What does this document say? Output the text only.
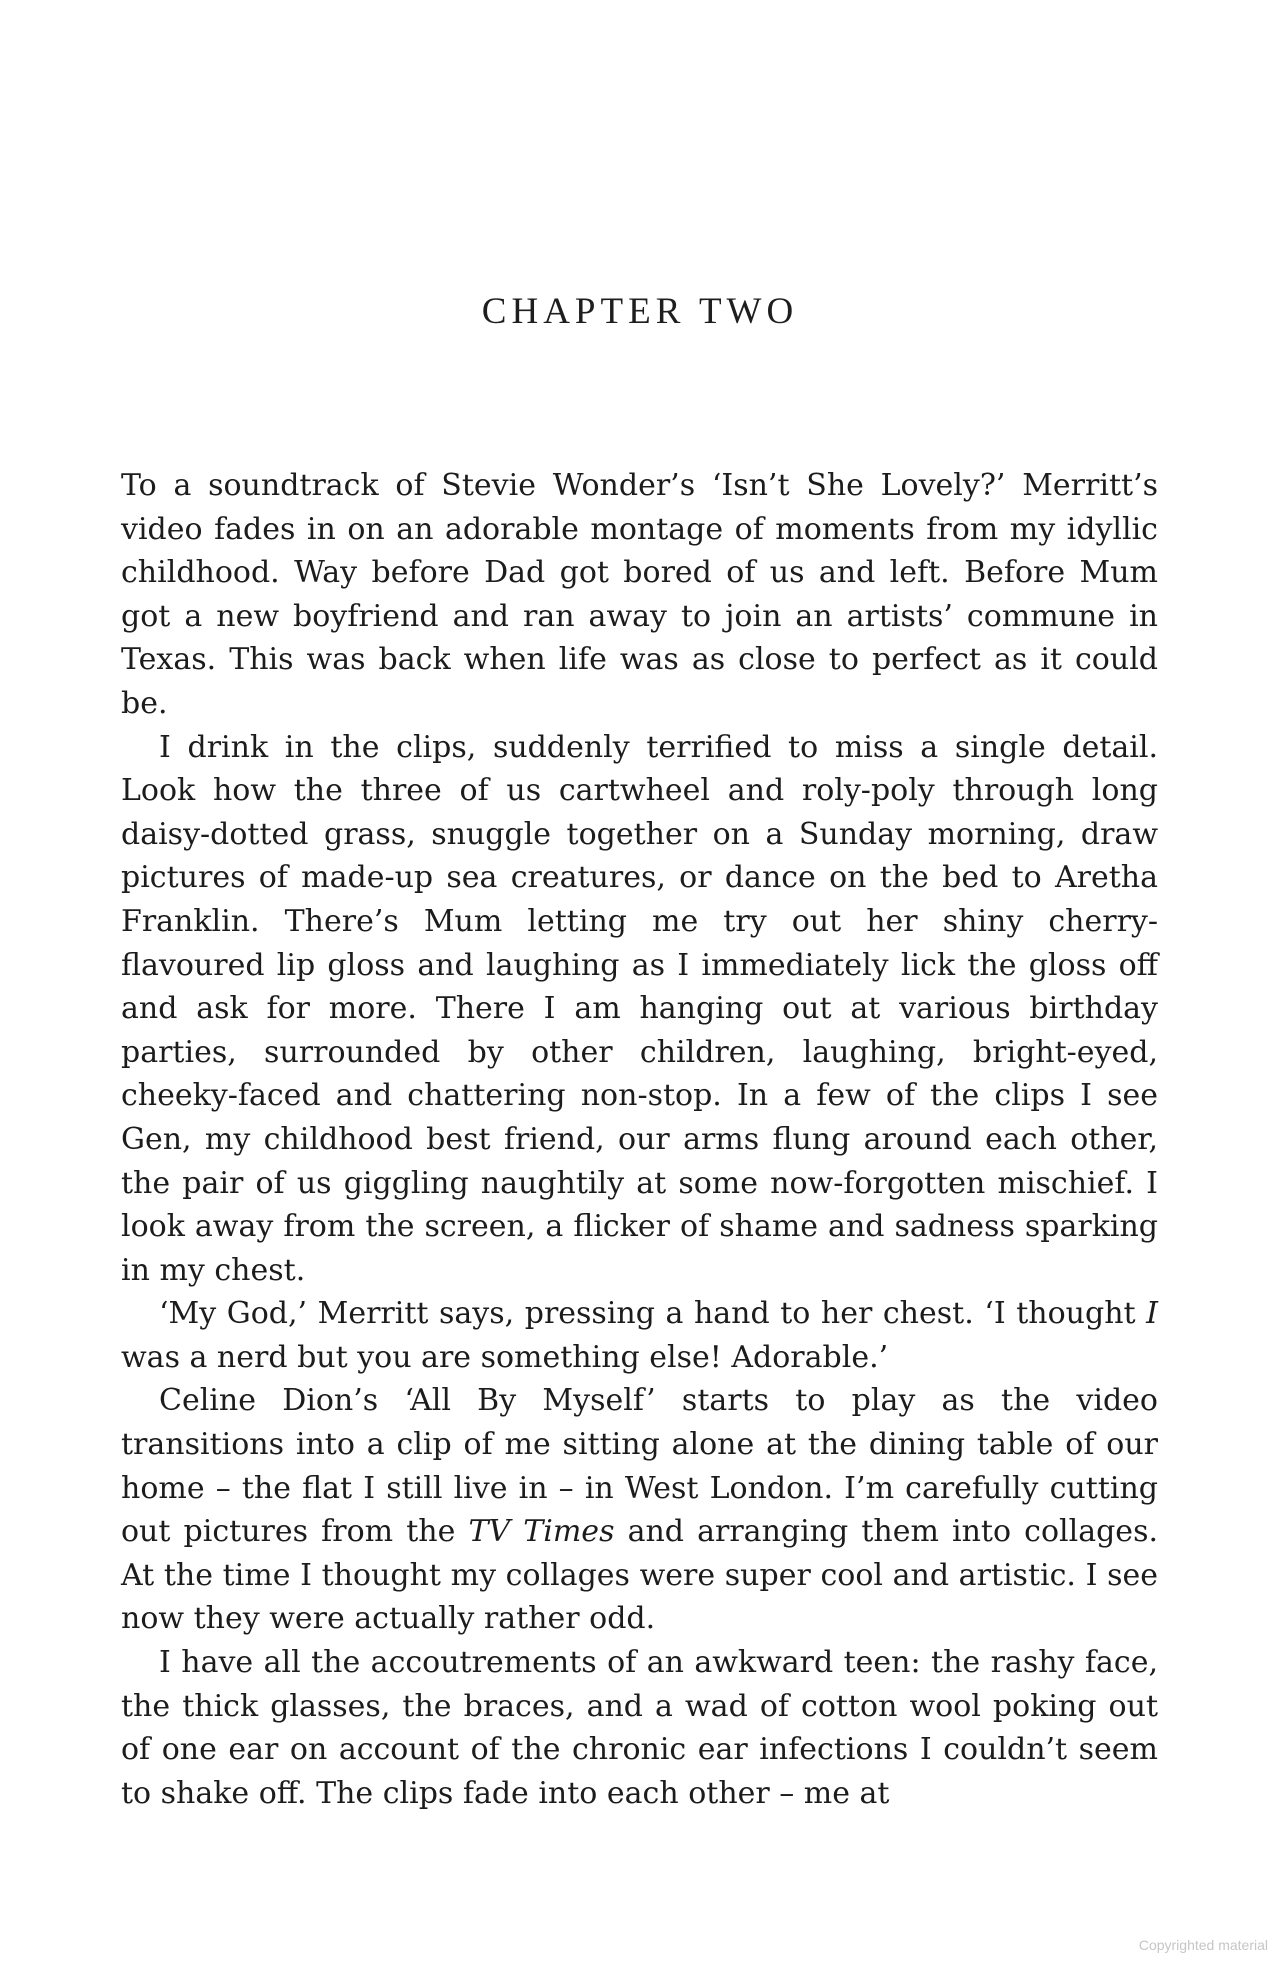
CHAPTER TWO

To a soundtrack of Stevie Wonder’s ‘Isn’t She Lovely?’ Merritt’s video fades in on an adorable montage of moments from my idyllic childhood. Way before Dad got bored of us and left. Before Mum got a new boyfriend and ran away to join an artists’ commune in Texas. This was back when life was as close to perfect as it could be.

I drink in the clips, suddenly terrified to miss a single detail. Look how the three of us cartwheel and roly-poly through long daisy-dotted grass, snuggle together on a Sunday morning, draw pictures of made-up sea creatures, or dance on the bed to Aretha Franklin. There’s Mum letting me try out her shiny cherry-flavoured lip gloss and laughing as I immediately lick the gloss off and ask for more. There I am hanging out at various birthday parties, surrounded by other children, laughing, bright-eyed, cheeky-faced and chattering non-stop. In a few of the clips I see Gen, my childhood best friend, our arms flung around each other, the pair of us giggling naughtily at some now-forgotten mischief. I look away from the screen, a flicker of shame and sadness sparking in my chest.

‘My God,’ Merritt says, pressing a hand to her chest. ‘I thought I was a nerd but you are something else! Adorable.’

Celine Dion’s ‘All By Myself’ starts to play as the video transitions into a clip of me sitting alone at the dining table of our home – the flat I still live in – in West London. I’m carefully cutting out pictures from the TV Times and arranging them into collages. At the time I thought my collages were super cool and artistic. I see now they were actually rather odd.

I have all the accoutrements of an awkward teen: the rashy face, the thick glasses, the braces, and a wad of cotton wool poking out of one ear on account of the chronic ear infections I couldn’t seem to shake off. The clips fade into each other – me at

Copyrighted material
